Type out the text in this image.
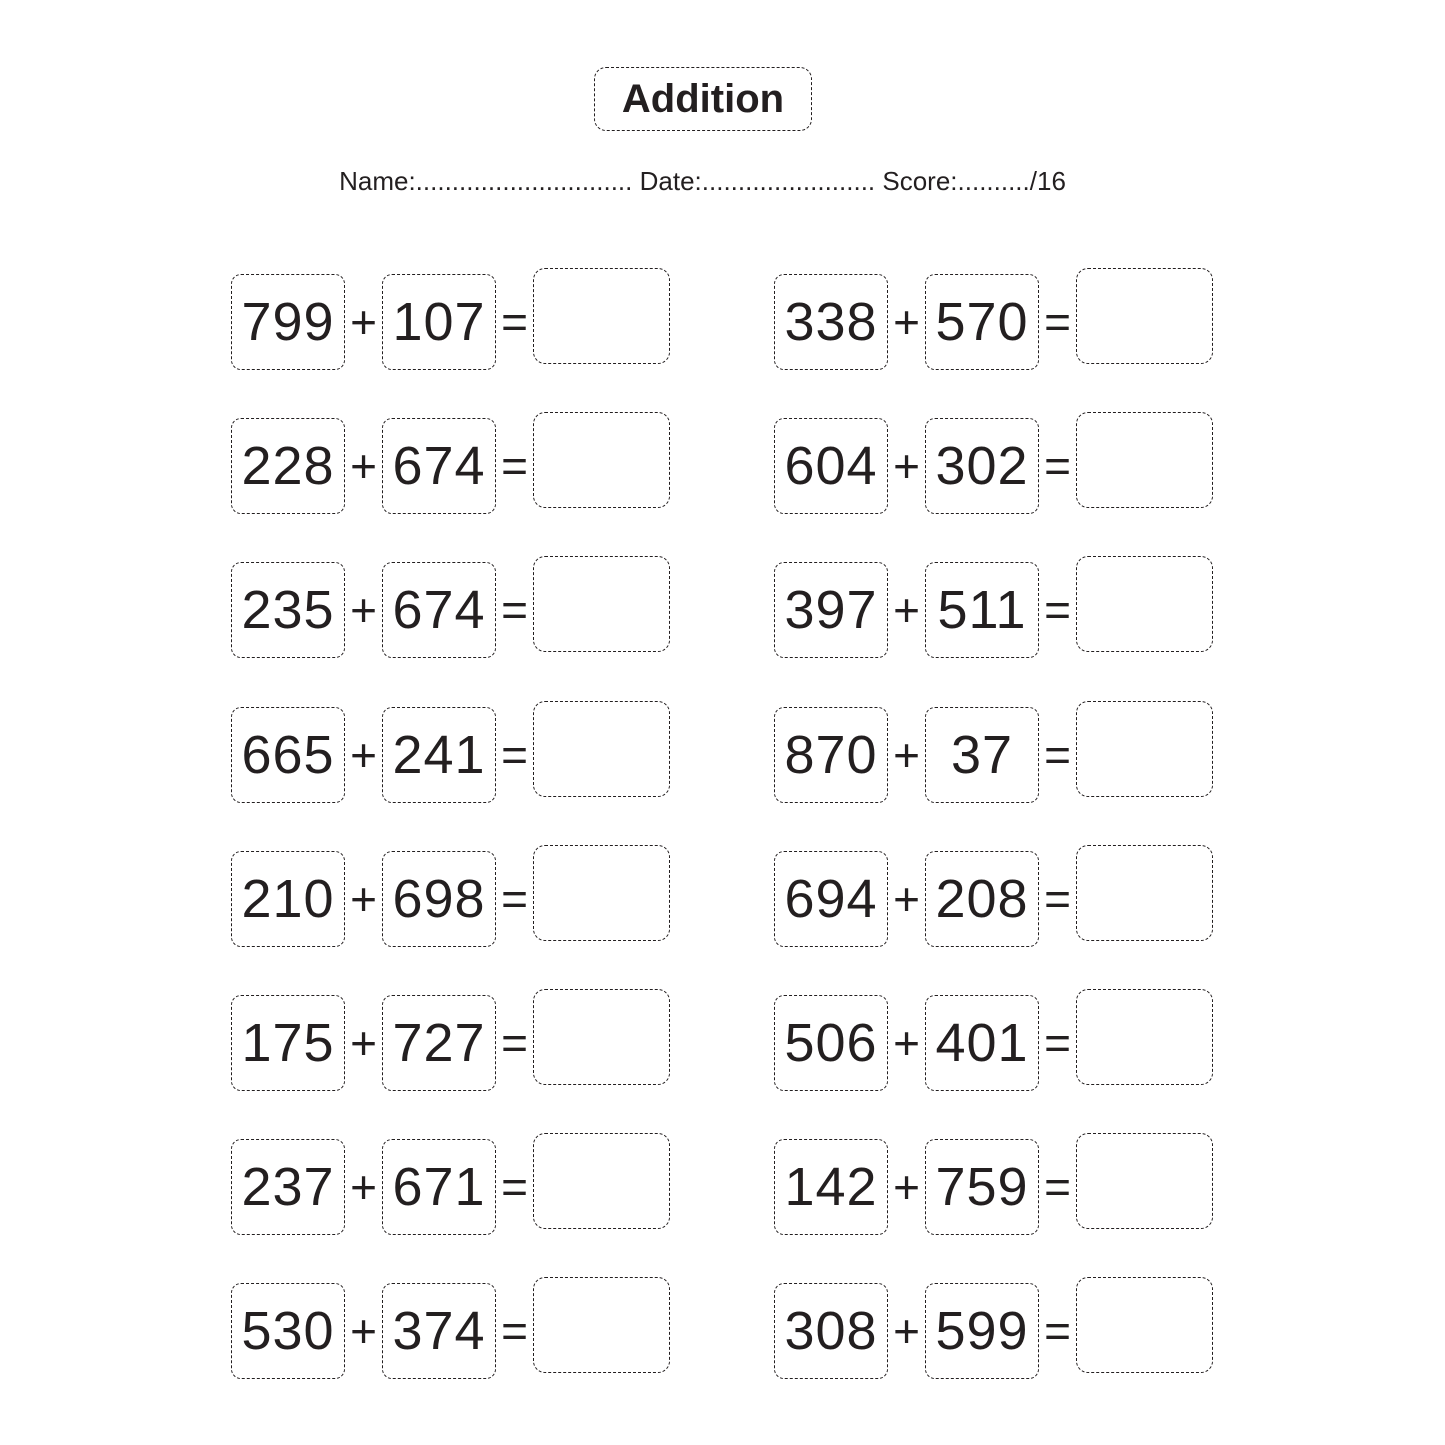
Addition
Name:.............................. Date:........................ Score:........../16
799 + 107 =
228 + 674 =
235 + 674 =
665 + 241 =
210 + 698 =
175 + 727 =
237 + 671 =
530 + 374 =
338 + 570 =
604 + 302 =
397 + 511 =
870 + 37 =
694 + 208 =
506 + 401 =
142 + 759 =
308 + 599 =
